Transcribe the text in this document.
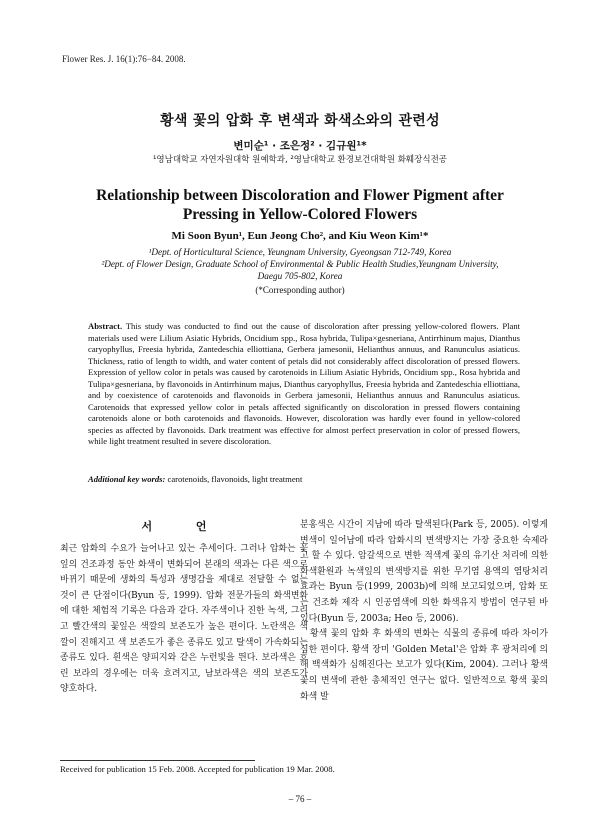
Flower Res. J. 16(1):76−84. 2008.
황색 꽃의 압화 후 변색과 화색소와의 관련성
변미순¹ · 조은정² · 김규원¹*
¹영남대학교 자연자원대학 원예학과, ²영남대학교 환경보건대학원 화훼장식전공
Relationship between Discoloration and Flower Pigment after
Pressing in Yellow-Colored Flowers
Mi Soon Byun¹, Eun Jeong Cho², and Kiu Weon Kim¹*
¹Dept. of Horticultural Science, Yeungnam University, Gyeongsan 712-749, Korea
²Dept. of Flower Design, Graduate School of Environmental & Public Health Studies,Yeungnam University,
Daegu 705-802, Korea
(*Corresponding author)
Abstract. This study was conducted to find out the cause of discoloration after pressing yellow-colored flowers. Plant materials used were Lilium Asiatic Hybrids, Oncidium spp., Rosa hybrida, Tulipa×gesneriana, Antirrhinum majus, Dianthus caryophyllus, Freesia hybrida, Zantedeschia elliottiana, Gerbera jamesonii, Helianthus annuus, and Ranunculus asiaticus. Thickness, ratio of length to width, and water content of petals did not considerably affect discoloration of pressed flowers. Expression of yellow color in petals was caused by carotenoids in Lilium Asiatic Hybrids, Oncidium spp., Rosa hybrida and Tulipa×gesneriana, by flavonoids in Antirrhinum majus, Dianthus caryophyllus, Freesia hybrida and Zantedeschia elliottiana, and by coexistence of carotenoids and flavonoids in Gerbera jamesonii, Helianthus annuus and Ranunculus asiaticus. Carotenoids that expressed yellow color in petals affected significantly on discoloration in pressed flowers containing carotenoids alone or both carotenoids and flavonoids. However, discoloration was hardly ever found in yellow-colored species as affected by flavonoids. Dark treatment was effective for almost perfect preservation in color of pressed flowers, while light treatment resulted in severe discoloration.
Additional key words: carotenoids, flavonoids, light treatment
서 언

최근 압화의 수요가 늘어나고 있는 추세이다. 그러나 압화는 꽃잎의 건조과정 동안 화색이 변화되어 본래의 색과는 다른 색으로 바뀌기 때문에 생화의 특성과 생명감을 제대로 전달할 수 없는 것이 큰 단점이다(Byun 등, 1999). 압화 전문가들의 화색변화에 대한 체험적 기록은 다음과 같다. 자주색이나 진한 녹색, 그리고 빨간색의 꽃잎은 색깔의 보존도가 높은 편이다. 노란색은 색깔이 진해지고 색 보존도가 좋은 종류도 있고 탈색이 가속화되는 종류도 있다. 흰색은 양피지와 같은 누런빛을 띈다. 보라색은 흐린 보라의 경우에는 더욱 흐려지고, 남보라색은 색의 보존도가 양호하다.

분홍색은 시간이 지남에 따라 탈색된다(Park 등, 2005). 이렇게 변색이 일어남에 따라 압화시의 변색방지는 가장 중요한 숙제라고 할 수 있다. 암갈색으로 변한 적색계 꽃의 유기산 처리에 의한 화색환원과 녹색잎의 변색방지를 위한 무기염 용액의 염탕처리 효과는 Byun 등(1999, 2003b)에 의해 보고되었으며, 압화 또는 건조화 제작 시 인공염색에 의한 화색유지 방법이 연구된 바 있다(Byun 등, 2003a; Heo 등, 2006).

황색 꽃의 압화 후 화색의 변화는 식물의 종류에 따라 차이가 심한 편이다. 황색 장미 'Golden Metal'은 압화 후 광처리에 의해 백색화가 심해진다는 보고가 있다(Kim, 2004). 그러나 황색 꽃의 변색에 관한 총체적인 연구는 없다. 일반적으로 황색 꽃의 화색 발

Received for publication 15 Feb. 2008. Accepted for publication 19 Mar. 2008.
– 76 –
